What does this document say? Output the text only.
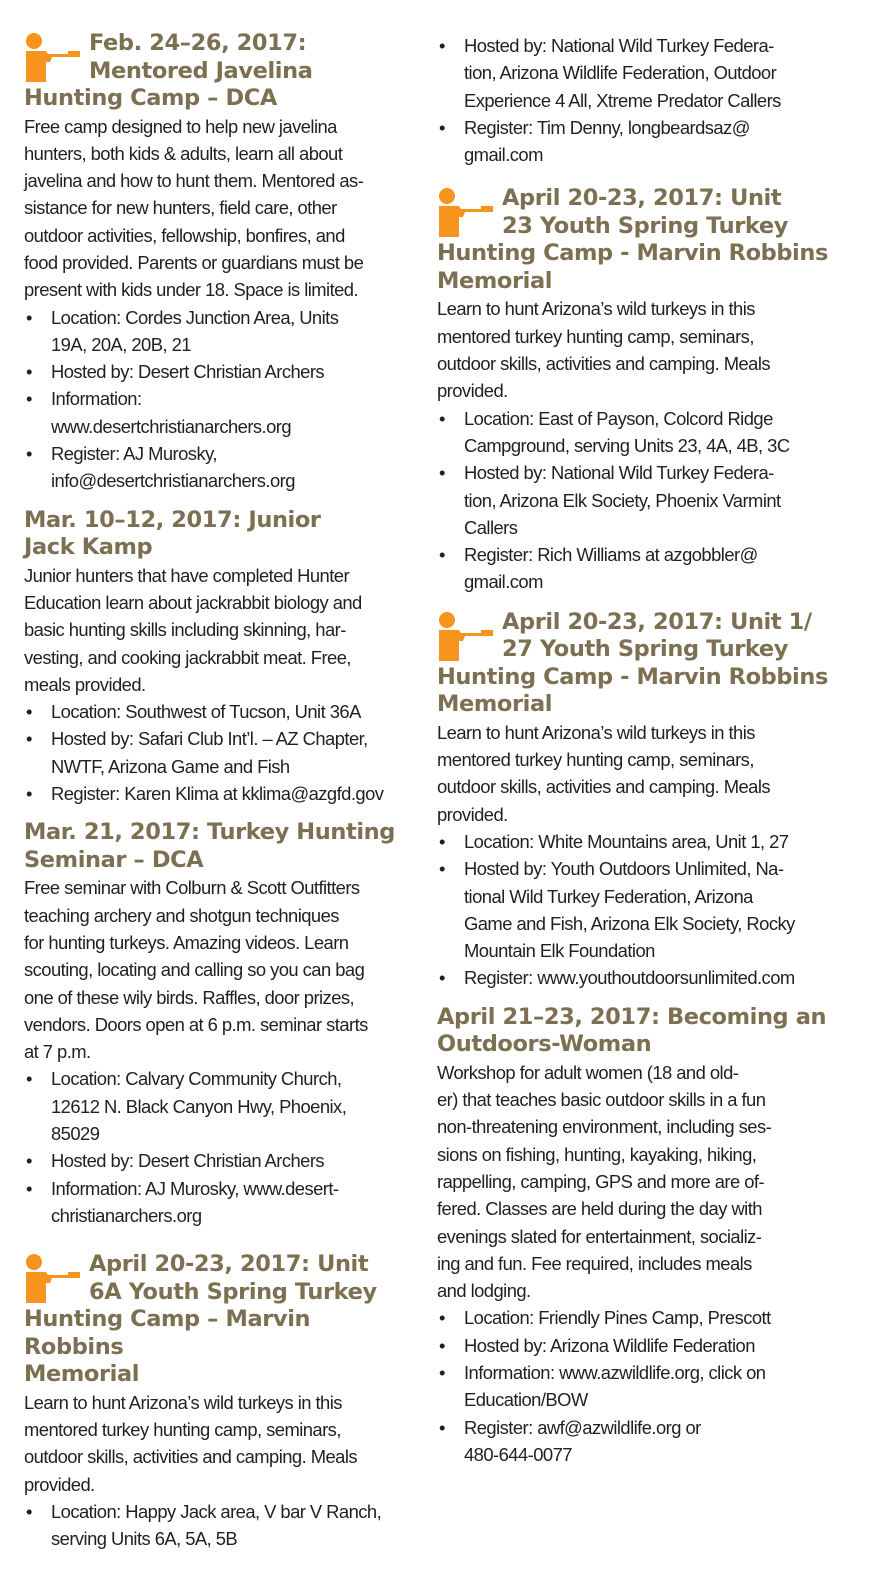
Feb. 24–26, 2017:
Mentored Javelina
Hunting Camp – DCA
Free camp designed to help new javelina
hunters, both kids & adults, learn all about
javelina and how to hunt them. Mentored as-
sistance for new hunters, field care, other
outdoor activities, fellowship, bonfires, and
food provided. Parents or guardians must be
present with kids under 18. Space is limited.
• Location: Cordes Junction Area, Units
19A, 20A, 20B, 21
• Hosted by: Desert Christian Archers
• Information:
www.desertchristianarchers.org
• Register: AJ Murosky,
info@desertchristianarchers.org
Mar. 10–12, 2017: Junior
Jack Kamp
Junior hunters that have completed Hunter
Education learn about jackrabbit biology and
basic hunting skills including skinning, har-
vesting, and cooking jackrabbit meat. Free,
meals provided.
• Location: Southwest of Tucson, Unit 36A
• Hosted by: Safari Club Int’l. – AZ Chapter,
NWTF, Arizona Game and Fish
• Register: Karen Klima at kklima@azgfd.gov
Mar. 21, 2017: Turkey Hunting
Seminar – DCA
Free seminar with Colburn & Scott Outfitters
teaching archery and shotgun techniques
for hunting turkeys. Amazing videos. Learn
scouting, locating and calling so you can bag
one of these wily birds. Raffles, door prizes,
vendors. Doors open at 6 p.m. seminar starts
at 7 p.m.
• Location: Calvary Community Church,
12612 N. Black Canyon Hwy, Phoenix,
85029
• Hosted by: Desert Christian Archers
• Information: AJ Murosky, www.desert-
christianarchers.org
April 20-23, 2017: Unit
6A Youth Spring Turkey
Hunting Camp – Marvin Robbins
Memorial
Learn to hunt Arizona’s wild turkeys in this
mentored turkey hunting camp, seminars,
outdoor skills, activities and camping. Meals
provided.
• Location: Happy Jack area, V bar V Ranch,
serving Units 6A, 5A, 5B
• Hosted by: National Wild Turkey Federa-
tion, Arizona Wildlife Federation, Outdoor
Experience 4 All, Xtreme Predator Callers
• Register: Tim Denny, longbeardsaz@
gmail.com
April 20-23, 2017: Unit
23 Youth Spring Turkey
Hunting Camp - Marvin Robbins
Memorial
Learn to hunt Arizona’s wild turkeys in this
mentored turkey hunting camp, seminars,
outdoor skills, activities and camping. Meals
provided.
• Location: East of Payson, Colcord Ridge
Campground, serving Units 23, 4A, 4B, 3C
• Hosted by: National Wild Turkey Federa-
tion, Arizona Elk Society, Phoenix Varmint
Callers
• Register: Rich Williams at azgobbler@
gmail.com
April 20-23, 2017: Unit 1/
27 Youth Spring Turkey
Hunting Camp - Marvin Robbins
Memorial
Learn to hunt Arizona’s wild turkeys in this
mentored turkey hunting camp, seminars,
outdoor skills, activities and camping. Meals
provided.
• Location: White Mountains area, Unit 1, 27
• Hosted by: Youth Outdoors Unlimited, Na-
tional Wild Turkey Federation, Arizona
Game and Fish, Arizona Elk Society, Rocky
Mountain Elk Foundation
• Register: www.youthoutdoorsunlimited.com
April 21–23, 2017: Becoming an
Outdoors-Woman
Workshop for adult women (18 and old-
er) that teaches basic outdoor skills in a fun
non-threatening environment, including ses-
sions on fishing, hunting, kayaking, hiking,
rappelling, camping, GPS and more are of-
fered. Classes are held during the day with
evenings slated for entertainment, socializ-
ing and fun. Fee required, includes meals
and lodging.
• Location: Friendly Pines Camp, Prescott
• Hosted by: Arizona Wildlife Federation
• Information: www.azwildlife.org, click on
Education/BOW
• Register: awf@azwildlife.org or
480-644-0077
